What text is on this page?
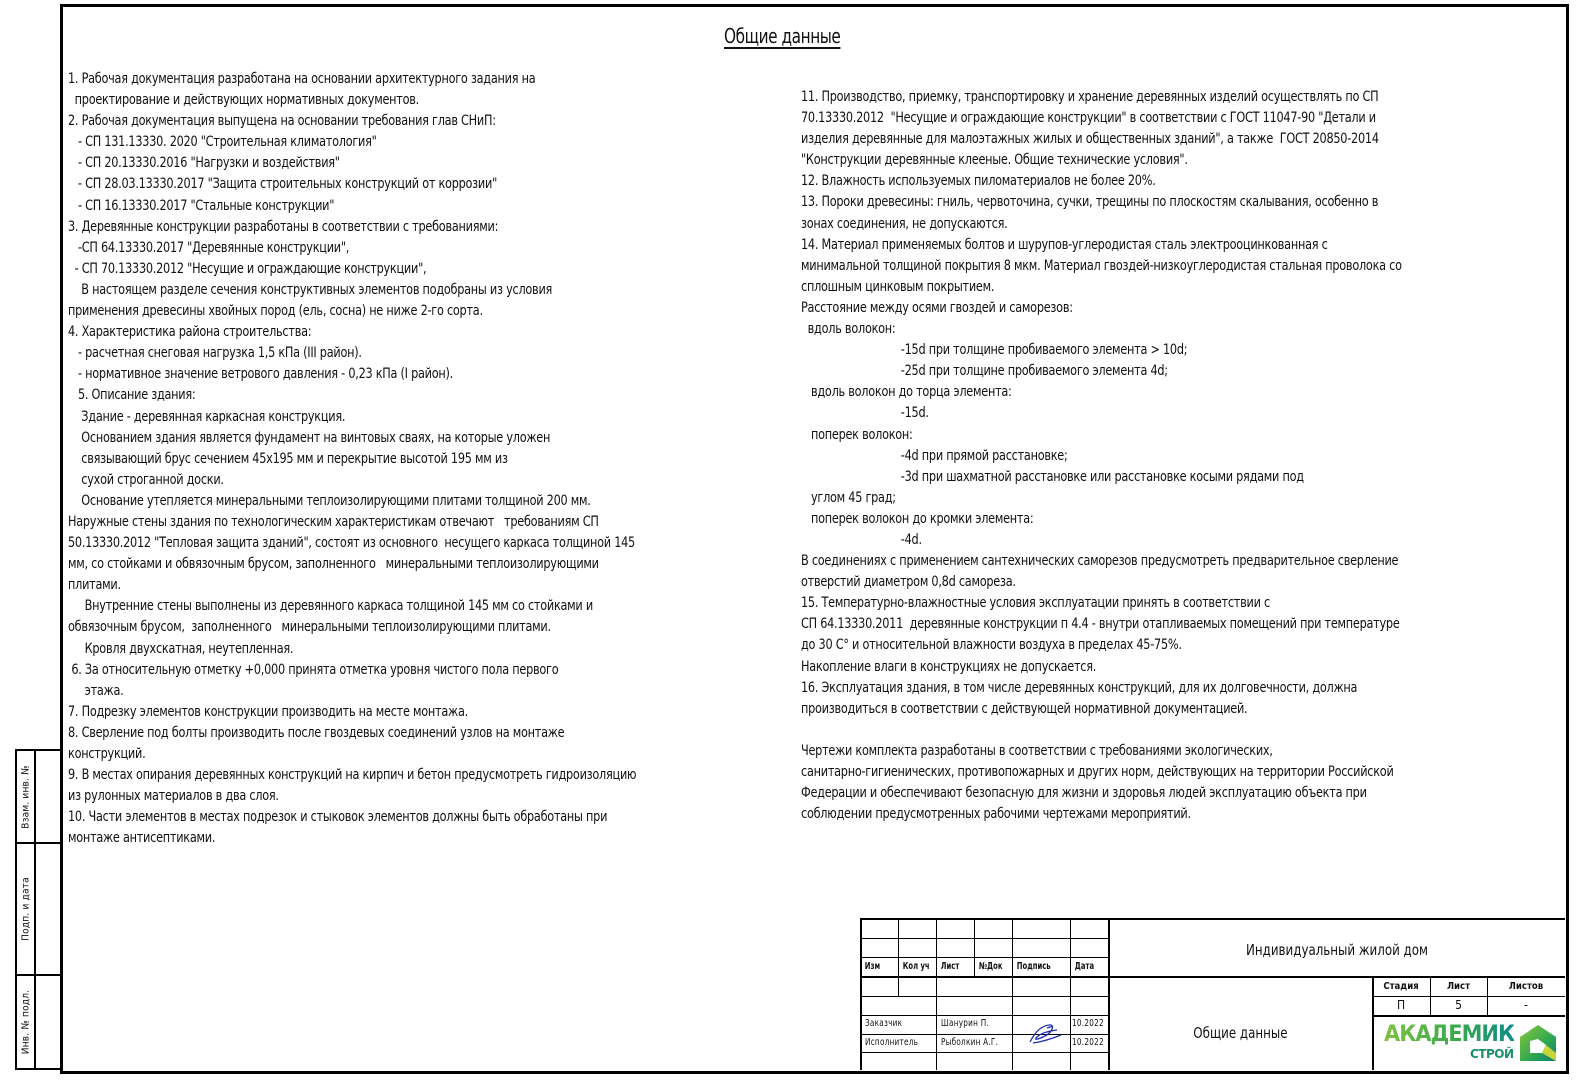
Общие данные
1. Рабочая документация разработана на основании архитектурного задания на
проектирование и действующих нормативных документов.
2. Рабочая документация выпущена на основании требования глав СНиП:
- СП 131.13330. 2020 "Строительная климатология"
- СП 20.13330.2016 "Нагрузки и воздействия"
- СП 28.03.13330.2017 "Защита строительных конструкций от коррозии"
- СП 16.13330.2017 "Стальные конструкции"
3. Деревянные конструкции разработаны в соответствии с требованиями:
-СП 64.13330.2017 "Деревянные конструкции",
- СП 70.13330.2012 "Несущие и ограждающие конструкции",
В настоящем разделе сечения конструктивных элементов подобраны из условия
применения древесины хвойных пород (ель, сосна) не ниже 2-го сорта.
4. Характеристика района строительства:
- расчетная снеговая нагрузка 1,5 кПа (III район).
- нормативное значение ветрового давления - 0,23 кПа (I район).
5. Описание здания:
Здание - деревянная каркасная конструкция.
Основанием здания является фундамент на винтовых сваях, на которые уложен
связывающий брус сечением 45x195 мм и перекрытие высотой 195 мм из
сухой строганной доски.
Основание утепляется минеральными теплоизолирующими плитами толщиной 200 мм.
Наружные стены здания по технологическим характеристикам отвечают   требованиям СП
50.13330.2012 "Тепловая защита зданий", состоят из основного  несущего каркаса толщиной 145
мм, со стойками и обвязочным брусом, заполненного   минеральными теплоизолирующими
плитами.
Внутренние стены выполнены из деревянного каркаса толщиной 145 мм со стойками и
обвязочным брусом,  заполненного   минеральными теплоизолирующими плитами.
Кровля двухскатная, неутепленная.
6. За относительную отметку +0,000 принята отметка уровня чистого пола первого
этажа.
7. Подрезку элементов конструкции производить на месте монтажа.
8. Сверление под болты производить после гвоздевых соединений узлов на монтаже
конструкций.
9. В местах опирания деревянных конструкций на кирпич и бетон предусмотреть гидроизоляцию
из рулонных материалов в два слоя.
10. Части элементов в местах подрезок и стыковок элементов должны быть обработаны при
монтаже антисептиками.
11. Производство, приемку, транспортировку и хранение деревянных изделий осуществлять по СП
70.13330.2012  "Несущие и ограждающие конструкции" в соответствии с ГОСТ 11047-90 "Детали и
изделия деревянные для малоэтажных жилых и общественных зданий", а также  ГОСТ 20850-2014
"Конструкции деревянные клееные. Общие технические условия".
12. Влажность используемых пиломатериалов не более 20%.
13. Пороки древесины: гниль, червоточина, сучки, трещины по плоскостям скалывания, особенно в
зонах соединения, не допускаются.
14. Материал применяемых болтов и шурупов-углеродистая сталь электрооцинкованная с
минимальной толщиной покрытия 8 мкм. Материал гвоздей-низкоуглеродистая стальная проволока со
сплошным цинковым покрытием.
Расстояние между осями гвоздей и саморезов:
вдоль волокон:
-15d при толщине пробиваемого элемента > 10d;
-25d при толщине пробиваемого элемента 4d;
вдоль волокон до торца элемента:
-15d.
поперек волокон:
-4d при прямой расстановке;
-3d при шахматной расстановке или расстановке косыми рядами под
углом 45 град;
поперек волокон до кромки элемента:
-4d.
В соединениях с применением сантехнических саморезов предусмотреть предварительное сверление
отверстий диаметром 0,8d самореза.
15. Температурно-влажностные условия эксплуатации принять в соответствии с
СП 64.13330.2011  деревянные конструкции п 4.4 - внутри отапливаемых помещений при температуре
до 30 С° и относительной влажности воздуха в пределах 45-75%.
Накопление влаги в конструкциях не допускается.
16. Эксплуатация здания, в том числе деревянных конструкций, для их долговечности, должна
производиться в соответствии с действующей нормативной документацией.

Чертежи комплекта разработаны в соответствии с требованиями экологических,
санитарно-гигиенических, противопожарных и других норм, действующих на территории Российской
Федерации и обеспечивают безопасную для жизни и здоровья людей эксплуатацию объекта при
соблюдении предусмотренных рабочими чертежами мероприятий.
Взам. инв. №
Подп. и дата
Инв. № подл.
Изм	Кол уч	Лист	№Док	Подпись	Дата
Заказчик	Шанурин П.	10.2022
Исполнитель Рыболкин А.Г.	10.2022
Индивидуальный жилой дом
Общие данные
Стадия	Лист	Листов
П	5	-
АКАДЕМИК
СТРОЙ
